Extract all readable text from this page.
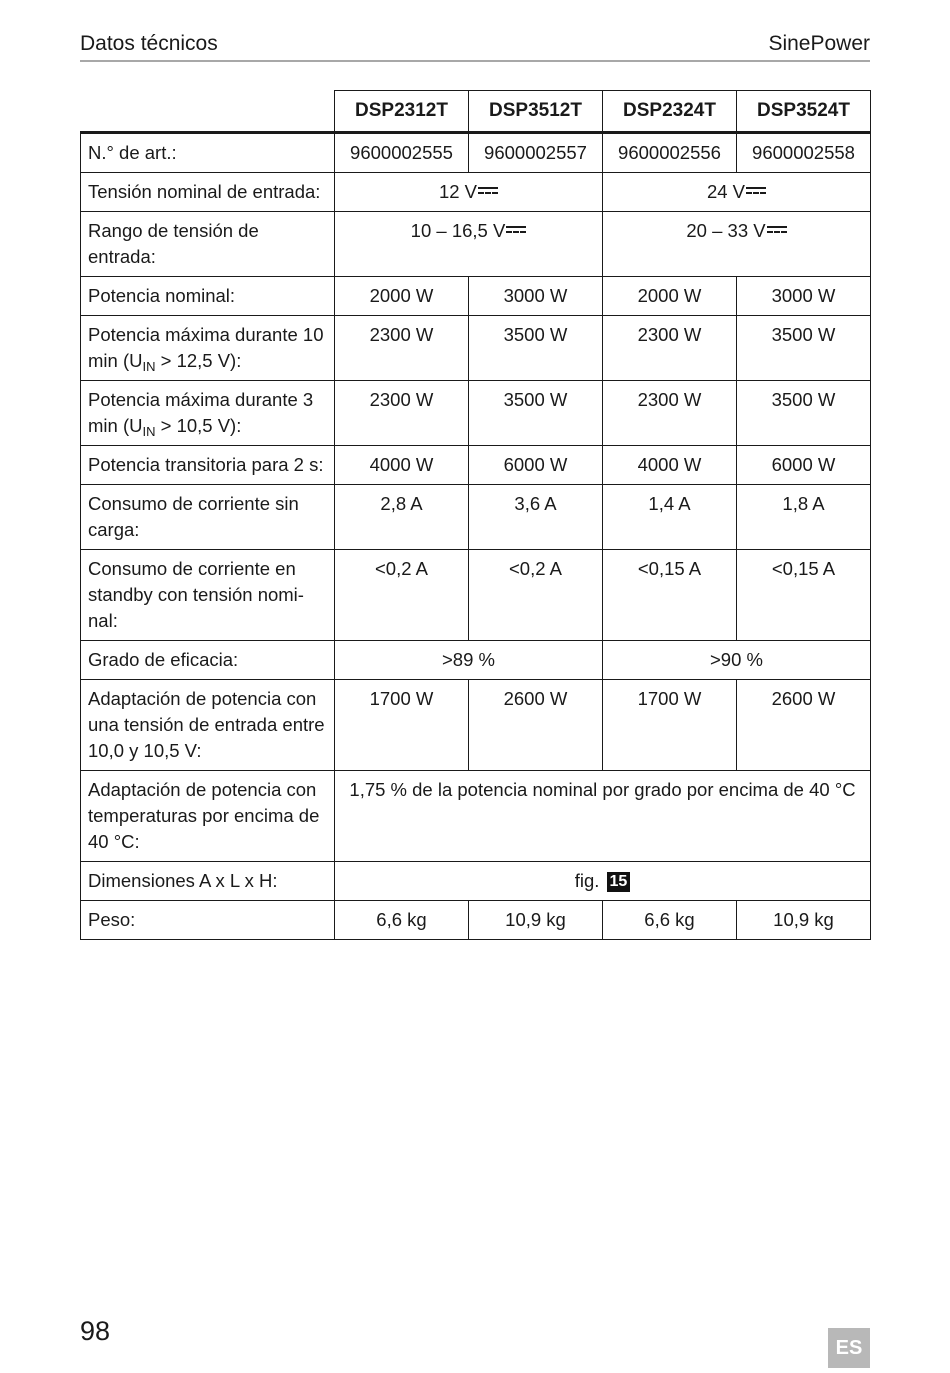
Datos técnicos	SinePower
	DSP2312T	DSP3512T	DSP2324T	DSP3524T
N.° de art.:	9600002555	9600002557	9600002556	9600002558
Tensión nominal de entrada:	12 V		24 V	
Rango de tensión de entrada:	10 – 16,5 V		20 – 33 V	
Potencia nominal:	2000 W	3000 W	2000 W	3000 W
Potencia máxima durante 10 $\min (U_{IN} > 12,5$ V):	2300 W	3500 W	2300 W	3500 W
Potencia máxima durante 3 $\min (U_{IN} > 10,5$ V):	2300 W	3500 W	2300 W	3500 W
Potencia transitoria para 2 s:	4000 W	6000 W	4000 W	6000 W
Consumo de corriente sin carga:	2,8 A	3,6 A	1,4 A	1,8 A
Consumo de corriente en standby con tensión nomi-nal:	<0,2 A	<0,2 A	<0,15 A	<0,15 A
Grado de eficacia:	>89 %		>90 %	
Adaptación de potencia con una tensión de entrada entre 10,0 y 10,5 V:	1700 W	2600 W	1700 W	2600 W
Adaptación de potencia con temperaturas por encima de 40 °C:	1,75 % de la potencia nominal por grado por encima de 40 °C			
Dimensiones A x L x H:	fig. 15			
Peso:	6,6 kg	10,9 kg	6,6 kg	10,9 kg
98
ES
